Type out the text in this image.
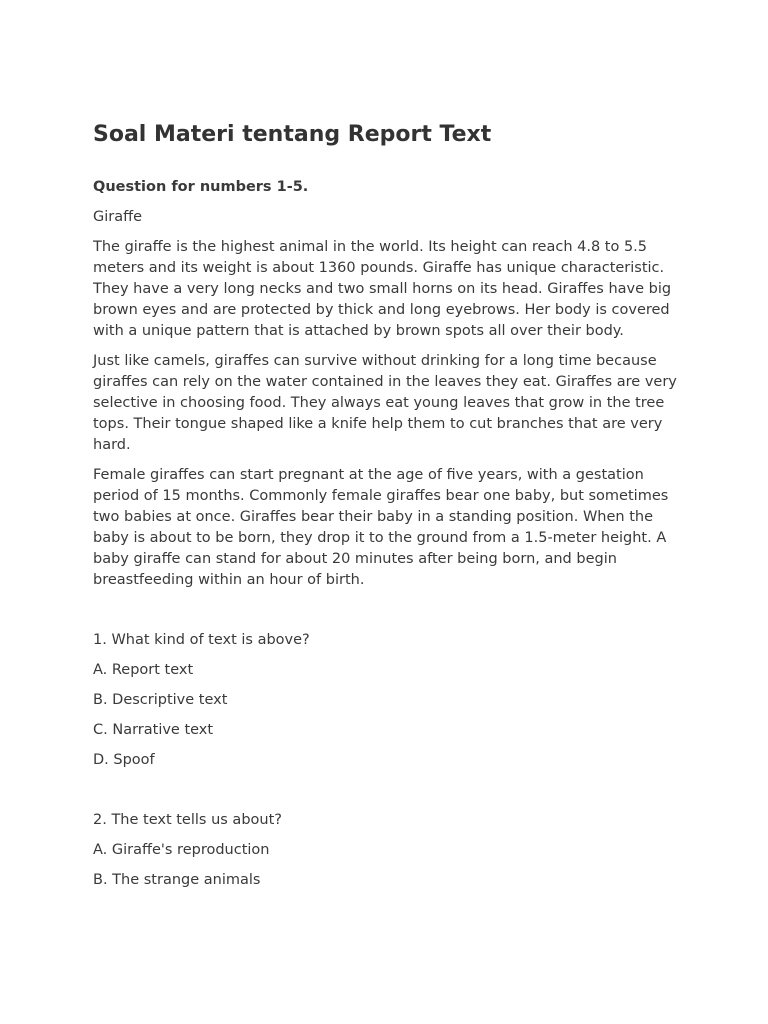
Soal Materi tentang Report Text
Question for numbers 1-5.
Giraffe
The giraffe is the highest animal in the world. Its height can reach 4.8 to 5.5 meters and its weight is about 1360 pounds. Giraffe has unique characteristic. They have a very long necks and two small horns on its head. Giraffes have big brown eyes and are protected by thick and long eyebrows. Her body is covered with a unique pattern that is attached by brown spots all over their body.
Just like camels, giraffes can survive without drinking for a long time because giraffes can rely on the water contained in the leaves they eat. Giraffes are very selective in choosing food. They always eat young leaves that grow in the tree tops. Their tongue shaped like a knife help them to cut branches that are very hard.
Female giraffes can start pregnant at the age of five years, with a gestation period of 15 months. Commonly female giraffes bear one baby, but sometimes two babies at once. Giraffes bear their baby in a standing position. When the baby is about to be born, they drop it to the ground from a 1.5-meter height. A baby giraffe can stand for about 20 minutes after being born, and begin breastfeeding within an hour of birth.
1. What kind of text is above?
A. Report text
B. Descriptive text
C. Narrative text
D. Spoof
2. The text tells us about?
A. Giraffe's reproduction
B. The strange animals
